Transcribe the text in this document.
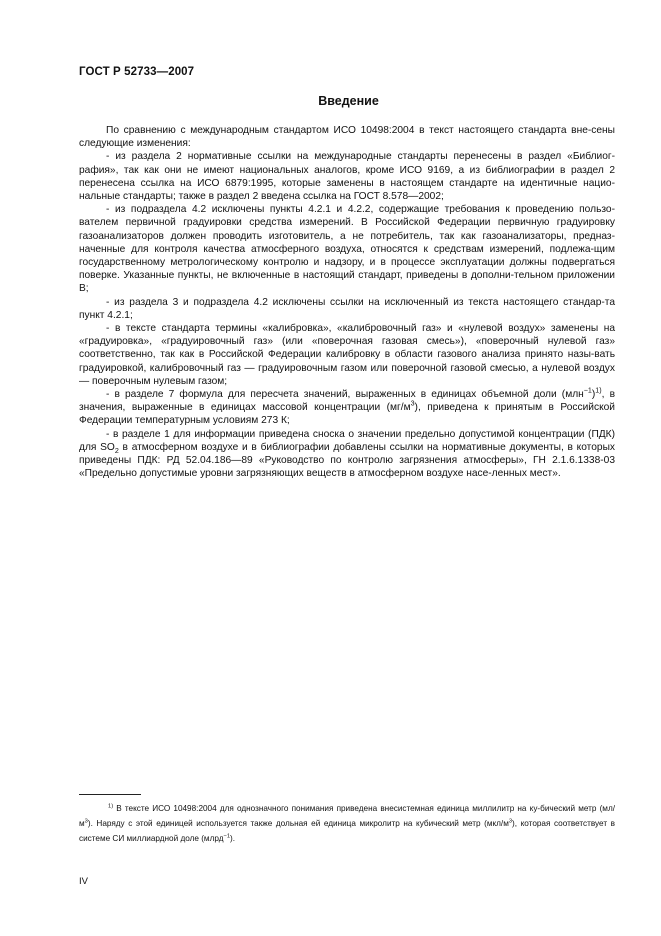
ГОСТ Р 52733—2007
Введение

По сравнению с международным стандартом ИСО 10498:2004 в текст настоящего стандарта вне-сены следующие изменения:

- из раздела 2 нормативные ссылки на международные стандарты перенесены в раздел «Библиог-рафия», так как они не имеют национальных аналогов, кроме ИСО 9169, а из библиографии в раздел 2 перенесена ссылка на ИСО 6879:1995, которые заменены в настоящем стандарте на идентичные нацио-нальные стандарты; также в раздел 2 введена ссылка на ГОСТ 8.578—2002;

- из подраздела 4.2 исключены пункты 4.2.1 и 4.2.2, содержащие требования к проведению пользо-вателем первичной градуировки средства измерений. В Российской Федерации первичную градуировку газоанализаторов должен проводить изготовитель, а не потребитель, так как газоанализаторы, предназ-наченные для контроля качества атмосферного воздуха, относятся к средствам измерений, подлежа-щим государственному метрологическому контролю и надзору, и в процессе эксплуатации должны подвергаться поверке. Указанные пункты, не включенные в настоящий стандарт, приведены в дополни-тельном приложении В;

- из раздела 3 и подраздела 4.2 исключены ссылки на исключенный из текста настоящего стандар-та пункт 4.2.1;

- в тексте стандарта термины «калибровка», «калибровочный газ» и «нулевой воздух» заменены на «градуировка», «градуировочный газ» (или «поверочная газовая смесь»), «поверочный нулевой газ» соответственно, так как в Российской Федерации калибровку в области газового анализа принято назы-вать градуировкой, калибровочный газ — градуировочным газом или поверочной газовой смесью, а нулевой воздух — поверочным нулевым газом;

- в разделе 7 формула для пересчета значений, выраженных в единицах объемной доли $(млн^{-1})^{1)}$, в значения, выраженные в единицах массовой концентрации $(мг/м^3)$, приведена к принятым в Российской Федерации температурным условиям 273 К;

- в разделе 1 для информации приведена сноска о значении предельно допустимой концентрации (ПДК) для $SO_2$ в атмосферном воздухе и в библиографии добавлены ссылки на нормативные документы, в которых приведены ПДК: РД 52.04.186—89 «Руководство по контролю загрязнения атмосферы», ГН 2.1.6.1338-03 «Предельно допустимые уровни загрязняющих веществ в атмосферном воздухе насе-ленных мест».

$^{1)}$ В тексте ИСО 10498:2004 для однозначного понимания приведена внесистемная единица миллилитр на ку-бический метр $(мл/м^3)$. Наряду с этой единицей используется также дольная ей единица микролитр на кубический метр $(мкл/м^3)$, которая соответствует в системе СИ миллиардной доле (млрд$^{-1}$).

IV
